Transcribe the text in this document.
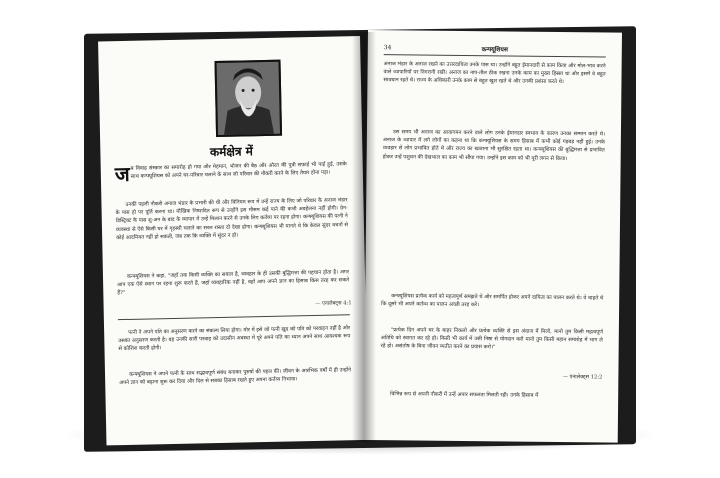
कर्मक्षेत्र में
जब विवाह संस्कार का समारोह हो गया और मेहमान, भोजन की बैठ और औरत की पुत्री सफ़ाई भी पाई हुई, उसके साथ कन्फ्यूशियस को अपने घर-परिवार चलाने के साथ जो परिवार की नौकरी करने के लिए तैयार होना पड़ा।
उनकी पहली नौकरी अनाज भंडार के प्रभारी की थी और विनियम रूप में उन्हें राज्य के लिए जो परिवार के अनाज भंडार के पास हो पर पूर्ति करना था। मौखिक निष्पादित रूप से उन्होंने इस मौसम कई पाने की कभी अवहेलना नहीं होगी। ग्रेन-डिस्ट्रिक्ट के पास शु-अन के बाद के व्यापार में उन्हें मिलान करने से उनके लिए कर्तव्य पर रहना होगा। कन्फ्यूशियस की पत्नी ने व्यवस्था से ऐसे किसी घर में गृहस्थी चलाने का सरल रास्ता दो देखा होगा। कन्फ्यूशियस भी मानते थे कि केवल सुंदर वचनों से कोई आदमियत नहीं हो सकती, जब तक कि व्यक्ति में सुंदर न हो।
कन्फ्यूशियस ने कहा, "जहाँ तक किसी व्यक्ति का सवाल है, व्यवहार के ही उसकी बुद्धिमत्ता की पहचान होता है। अगर आप एक ऐसे स्थान पर रहना शुरू करते हैं, जहाँ व्यवहारिक नहीं है, वहाँ आप अपने ज्ञान का हिसाब किस तरह कर सकते हैं?"
— एनालेक्ट्स 4:1
पत्नी ने अपने पति का अनुसरण करने का संकल्प लिया होगा। मोर में इसे जो पत्नी खुद को पति को परवाहन नहीं है और उसका अनुसरण करती है। वह उनकी सारी परवाह को उदासीन अवस्था में पूरे अपने पति का ध्यान अपने साथ आवश्यक रूप से कोशिश करती होगी।
कन्फ्यूशियस ने अपने पत्नी के साथ सद्भावपूर्ण संबंध बनाकर पुरुषों की पहल की। जीवन के आरंभिक वर्षों में ही उन्होंने अपने ज्ञान को बढ़ाना शुरू कर दिया और दिल से सबका हिसाब रखते हुए अपना कर्तव्य निभाया।
34	कन्फ्यूशियस
अनाज भंडार के अनाज रखने का उत्तरदायित्व उनके पास था। उन्होंने बहुत ईमानदारी से काम किया और मोल-भाव करने वाले व्यापारियों पर निगरानी रखी। अनाज का नाप-तौल ठीक रखना उनके काम का मुख्य हिस्सा था और इसमें वे बहुत सावधान रहते थे। राज्य के अधिकारी उनके काम से बहुत खुश रहते थे और उनकी प्रशंसा करते थे।
उस समय भी अनाज का आवागमन करने वाले लोग उनके ईमानदार स्वभाव के कारण उनका सम्मान करते थे। अनाज के व्यापार में लगे लोगों का कहना था कि कन्फ्यूशियस के समय हिसाब में कभी कोई गड़बड़ नहीं हुई। उनके व्यवहार से लोग प्रभावित होते थे और राज्य का खजाना भी सुरक्षित रहता था। कन्फ्यूशियस की बुद्धिमत्ता से प्रभावित होकर उन्हें पशुधन की देखभाल का काम भी सौंपा गया। उन्होंने इस काम को भी पूरी लगन से किया।
कन्फ्यूशियस प्रत्येक कार्य को महत्वपूर्ण समझते थे और समर्पित होकर अपने दायित्व का पालन करते थे। वे चाहते थे कि दूसरे भी अपने कर्तव्य का पालन अच्छी तरह करें।
"प्रत्येक दिन अपने घर के बाहर निकलो और प्रत्येक व्यक्ति से इस अंदाज में मिलो, मानो तुम किसी महत्वपूर्ण अतिथि को स्वागत कर रहे हो। किसी भी कार्य में उसी निष्ठा से योगदान करो मानो तुम किसी महान समारोह में भाग ले रहे हो। असंतोष के बिना जीवन व्यतीत करने का प्रयास करो।"
— एनालेक्ट्स 12:2
विभिन्न रूप से अपनी नौकरी में उन्हें अपार सफलता मिलती रही। उनके हिसाब में
